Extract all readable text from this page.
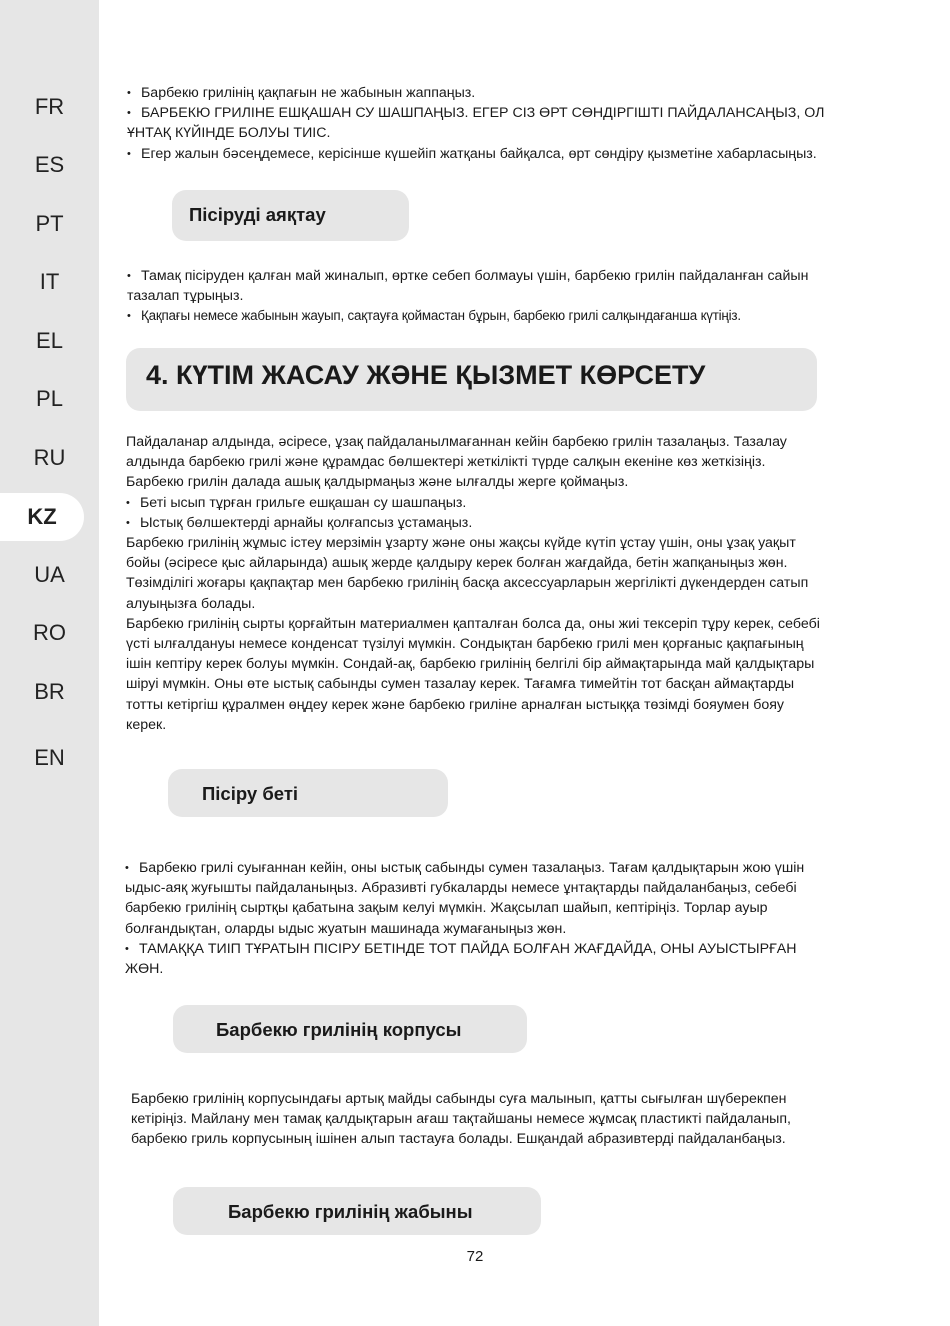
FR
ES
PT
IT
EL
PL
RU
KZ
UA
RO
BR
EN

• Барбекю грилінің қақпағын не жабынын жаппаңыз.

• БАРБЕКЮ ГРИЛІНЕ ЕШҚАШАН СУ ШАШПАҢЫЗ. ЕГЕР СІЗ ӨРТ СӨНДІРГІШТІ ПАЙДАЛАНСАҢЫЗ, ОЛ ҰНТАҚ КҮЙІНДЕ БОЛУЫ ТИІС.

• Егер жалын бәсеңдемесе, керісінше күшейіп жатқаны байқалса, өрт сөндіру қызметіне хабарласыңыз.

Пісіруді аяқтау

• Тамақ пісіруден қалған май жиналып, өртке себеп болмауы үшін, барбекю грилін пайдаланған сайын тазалап тұрыңыз.

• Қақпағы немесе жабынын жауып, сақтауға қоймастан бұрын, барбекю грилі салқындағанша күтіңіз.

4. КҮТІМ ЖАСАУ ЖӘНЕ ҚЫЗМЕТ КӨРСЕТУ

Пайдаланар алдында, әсіресе, ұзақ пайдаланылмағаннан кейін барбекю грилін тазалаңыз. Тазалау алдында барбекю грилі және құрамдас бөлшектері жеткілікті түрде салқын екеніне көз жеткізіңіз. Барбекю грилін далада ашық қалдырмаңыз және ылғалды жерге қоймаңыз.

• Беті ысып тұрған грильге ешқашан су шашпаңыз.

• Ыстық бөлшектерді арнайы қолғапсыз ұстамаңыз.

Барбекю грилінің жұмыс істеу мерзімін ұзарту және оны жақсы күйде күтіп ұстау үшін, оны ұзақ уақыт бойы (әсіресе қыс айларында) ашық жерде қалдыру керек болған жағдайда, бетін жапқаныңыз жөн. Төзімділігі жоғары қақпақтар мен барбекю грилінің басқа аксессуарларын жергілікті дүкендерден сатып алуыңызға болады.

Барбекю грилінің сырты қорғайтын материалмен қапталған болса да, оны жиі тексеріп тұру керек, себебі үсті ылғалдануы немесе конденсат түзілуі мүмкін. Сондықтан барбекю грилі мен қорғаныс қақпағының ішін кептіру керек болуы мүмкін. Сондай-ақ, барбекю грилінің белгілі бір аймақтарында май қалдықтары шіруі мүмкін. Оны өте ыстық сабынды сумен тазалау керек. Тағамға тимейтін тот басқан аймақтарды тотты кетіргіш құралмен өңдеу керек және барбекю гриліне арналған ыстыққа төзімді бояумен бояу керек.

Пісіру беті

• Барбекю грилі суығаннан кейін, оны ыстық сабынды сумен тазалаңыз. Тағам қалдықтарын жою үшін ыдыс-аяқ жуғышты пайдаланыңыз. Абразивті губкаларды немесе ұнтақтарды пайдаланбаңыз, себебі барбекю грилінің сыртқы қабатына зақым келуі мүмкін. Жақсылап шайып, кептіріңіз. Торлар ауыр болғандықтан, оларды ыдыс жуатын машинада жумағаныңыз жөн.

• ТАМАҚҚА ТИІП ТҰРАТЫН ПІСІРУ БЕТІНДЕ ТОТ ПАЙДА БОЛҒАН ЖАҒДАЙДА, ОНЫ АУЫСТЫРҒАН ЖӨН.

Барбекю грилінің корпусы

Барбекю грилінің корпусындағы артық майды сабынды суға малынып, қатты сығылған шүберекпен кетіріңіз. Майлану мен тамақ қалдықтарын ағаш тақтайшаны немесе жұмсақ пластикті пайдаланып, барбекю гриль корпусының ішінен алып тастауға болады. Ешқандай абразивтерді пайдаланбаңыз.

Барбекю грилінің жабыны
72
